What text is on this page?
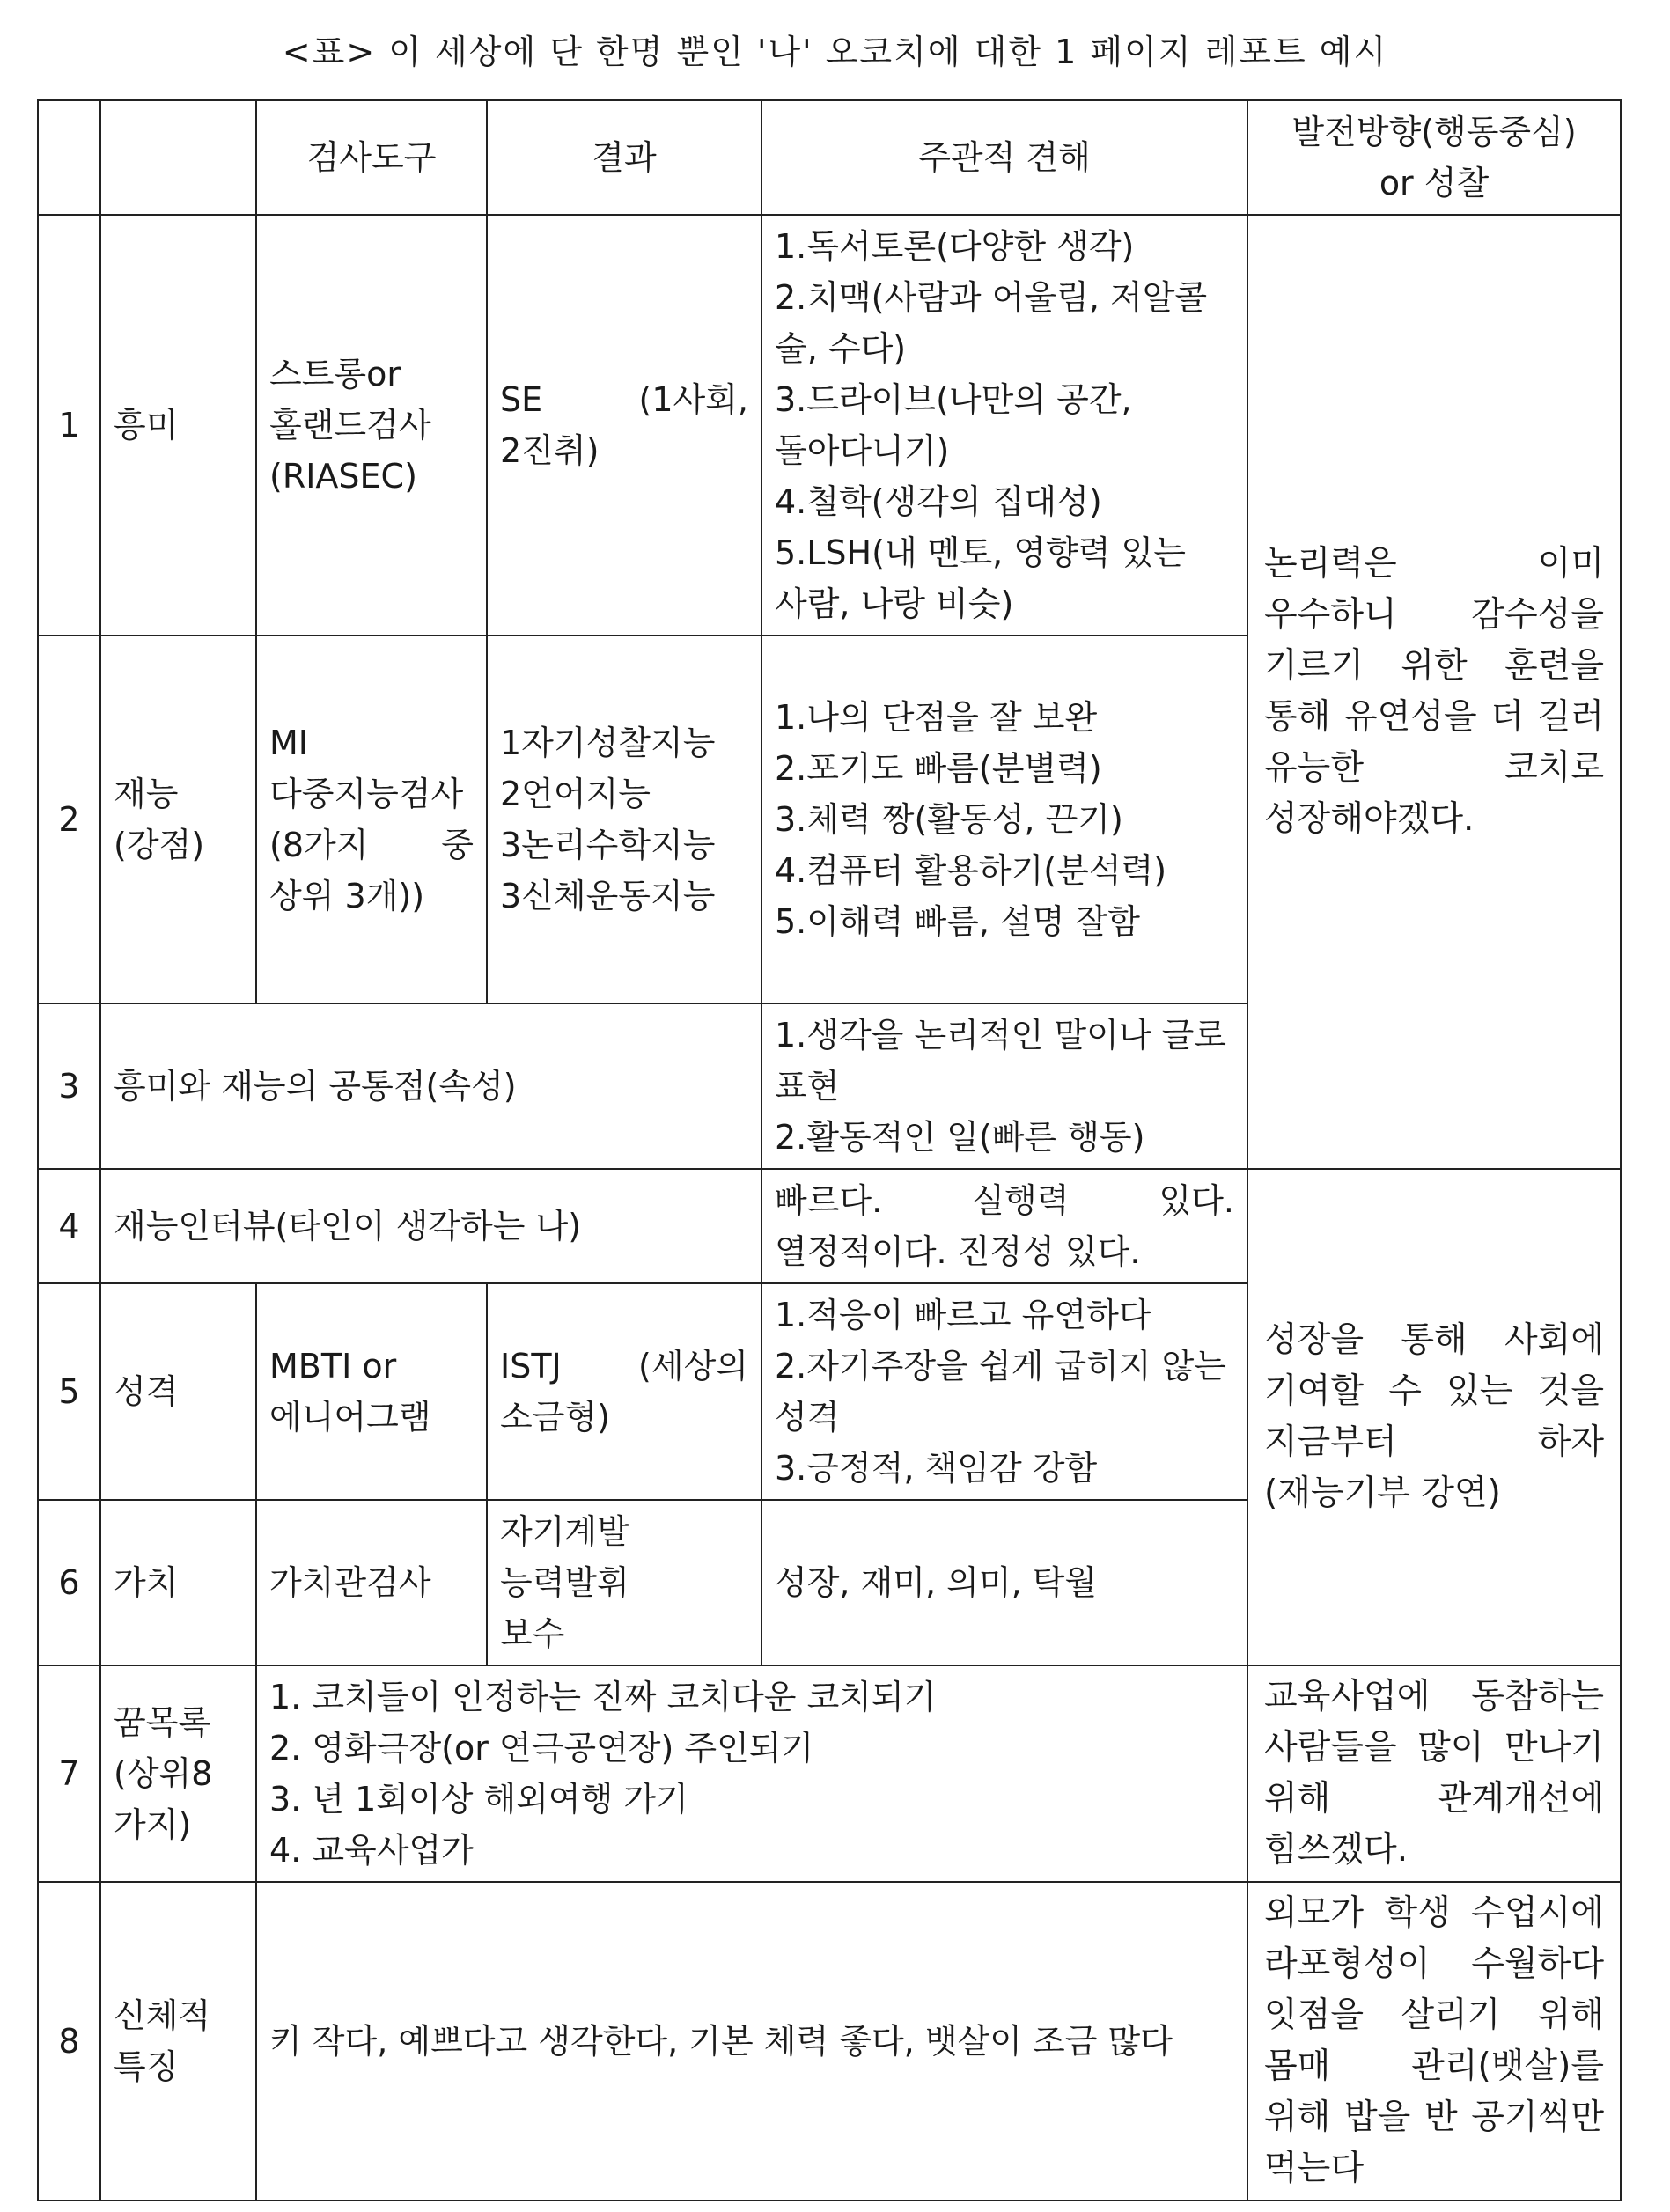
<표> 이 세상에 단 한명 뿐인 '나' 오코치에 대한 1 페이지 레포트 예시
		검사도구	결과	주관적 견해	발전방향(행동중심)
or 성찰

1	흥미	스트롱or 홀랜드검사 (RIASEC)	SE (1사회, 2진취)	1.독서토론(다양한 생각)
2.치맥(사람과 어울림, 저알콜 술, 수다)
3.드라이브(나만의 공간, 돌아다니기)
4.철학(생각의 집대성)
5.LSH(내 멘토, 영향력 있는 사람, 나랑 비슷)	논리력은 이미 우수하니 감수성을 기르기 위한 훈련을 통해 유연성을 더 길러 유능한 코치로 성장해야겠다.
2	재능 (강점)	MI 다중지능검사 (8가지 중 상위 3개))	1자기성찰지능
2언어지능
3논리수학지능
3신체운동지능	1.나의 단점을 잘 보완
2.포기도 빠름(분별력)
3.체력 짱(활동성, 끈기)
4.컴퓨터 활용하기(분석력)
5.이해력 빠름, 설명 잘함	

3	흥미와 재능의 공통점(속성)			1.생각을 논리적인 말이나 글로 표현
2.활동적인 일(빠른 행동)	

4	재능인터뷰(타인이 생각하는 나)			빠르다. 실행력 있다. 열정적이다. 진정성 있다.	성장을 통해 사회에 기여할 수 있는 것을 지금부터 하자 (재능기부 강연)
5	성격	MBTI or 에니어그램	ISTJ (세상의 소금형)	1.적응이 빠르고 유연하다
2.자기주장을 쉽게 굽히지 않는 성격
3.긍정적, 책임감 강함	

6	가치	가치관검사	자기계발
능력발휘
보수	성장, 재미, 의미, 탁월	
7	꿈목록 (상위8가지)	1. 코치들이 인정하는 진짜 코치다운 코치되기
2. 영화극장(or 연극공연장) 주인되기
3. 년 1회이상 해외여행 가기
4. 교육사업가			교육사업에 동참하는 사람들을 많이 만나기 위해 관계개선에 힘쓰겠다.
8	신체적 특징	키 작다, 예쁘다고 생각한다, 기본 체력 좋다, 뱃살이 조금 많다			외모가 학생 수업시에 라포형성이 수월하다 잇점을 살리기 위해 몸매 관리(뱃살)를 위해 밥을 반 공기씩만 먹는다
